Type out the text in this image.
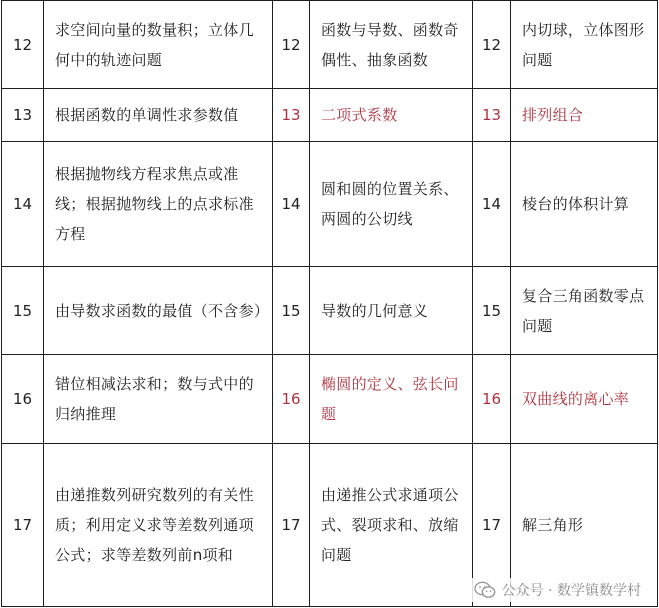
12	求空间向量的数量积；立体几何中的轨迹问题	12	函数与导数、函数奇偶性、抽象函数	12	内切球，立体图形问题
13	根据函数的单调性求参数值	13	二项式系数	13	排列组合
14	根据抛物线方程求焦点或准线；根据抛物线上的点求标准方程	14	圆和圆的位置关系、两圆的公切线	14	棱台的体积计算
15	由导数求函数的最值（不含参）	15	导数的几何意义	15	复合三角函数零点问题
16	错位相减法求和；数与式中的归纳推理	16	椭圆的定义、弦长问题	16	双曲线的离心率
17	由递推数列研究数列的有关性质；利用定义求等差数列通项公式；求等差数列前n项和	17	由递推公式求通项公式、裂项求和、放缩问题	17	解三角形
公众号 · 数学镇数学村
